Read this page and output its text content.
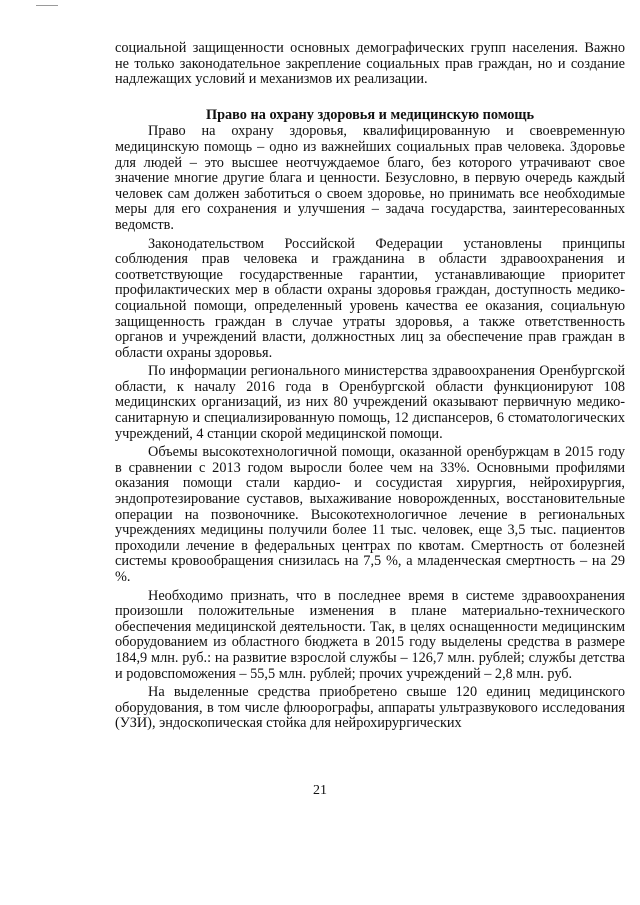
социальной защищенности основных демографических групп населения. Важно не только законодательное закрепление социальных прав граждан, но и создание надлежащих условий и механизмов их реализации.

Право на охрану здоровья и медицинскую помощь

Право на охрану здоровья, квалифицированную и своевременную медицинскую помощь – одно из важнейших социальных прав человека. Здоровье для людей – это высшее неотчуждаемое благо, без которого утрачивают свое значение многие другие блага и ценности. Безусловно, в первую очередь каждый человек сам должен заботиться о своем здоровье, но принимать все необходимые меры для его сохранения и улучшения – задача государства, заинтересованных ведомств.

Законодательством Российской Федерации установлены принципы соблюдения прав человека и гражданина в области здравоохранения и соответствующие государственные гарантии, устанавливающие приоритет профилактических мер в области охраны здоровья граждан, доступность медико-социальной помощи, определенный уровень качества ее оказания, социальную защищенность граждан в случае утраты здоровья, а также ответственность органов и учреждений власти, должностных лиц за обеспечение прав граждан в области охраны здоровья.

По информации регионального министерства здравоохранения Оренбургской области, к началу 2016 года в Оренбургской области функционируют 108 медицинских организаций, из них 80 учреждений оказывают первичную медико-санитарную и специализированную помощь, 12 диспансеров, 6 стоматологических учреждений, 4 станции скорой медицинской помощи.

Объемы высокотехнологичной помощи, оказанной оренбуржцам в 2015 году в сравнении с 2013 годом выросли более чем на 33%. Основными профилями оказания помощи стали кардио- и сосудистая хирургия, нейрохирургия, эндопротезирование суставов, выхаживание новорожденных, восстановительные операции на позвоночнике. Высокотехнологичное лечение в региональных учреждениях медицины получили более 11 тыс. человек, еще 3,5 тыс. пациентов проходили лечение в федеральных центрах по квотам. Смертность от болезней системы кровообращения снизилась на 7,5 %, а младенческая смертность – на 29 %.

Необходимо признать, что в последнее время в системе здравоохранения произошли положительные изменения в плане материально-технического обеспечения медицинской деятельности. Так, в целях оснащенности медицинским оборудованием из областного бюджета в 2015 году выделены средства в размере 184,9 млн. руб.: на развитие взрослой службы – 126,7 млн. рублей; службы детства и родовспоможения – 55,5 млн. рублей; прочих учреждений – 2,8 млн. руб.

На выделенные средства приобретено свыше 120 единиц медицинского оборудования, в том числе флюорографы, аппараты ультразвукового исследования (УЗИ), эндоскопическая стойка для нейрохирургических

21
